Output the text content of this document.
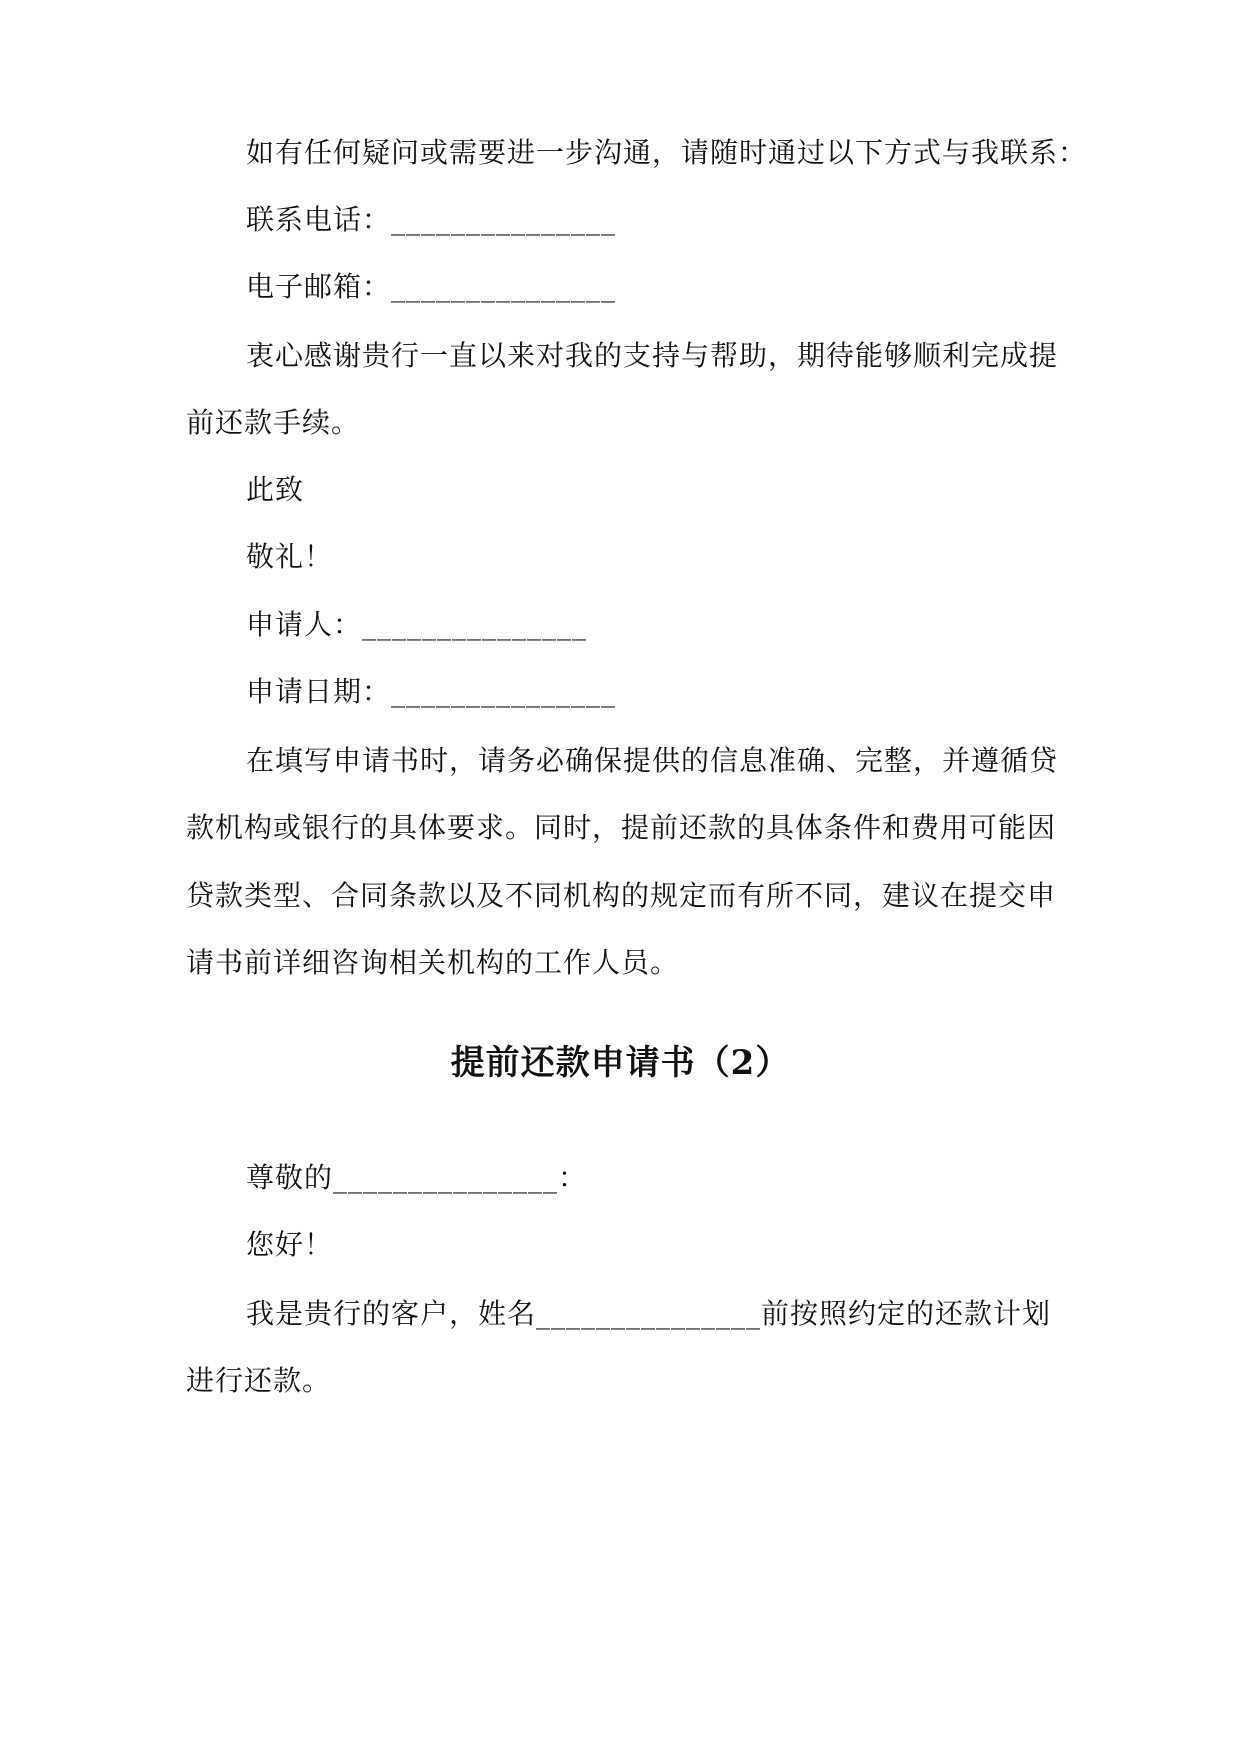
如有任何疑问或需要进一步沟通，请随时通过以下方式与我联系：
联系电话：_______________
电子邮箱：_______________
衷心感谢贵行一直以来对我的支持与帮助，期待能够顺利完成提
前还款手续。
此致
敬礼！
申请人：_______________
申请日期：_______________
在填写申请书时，请务必确保提供的信息准确、完整，并遵循贷
款机构或银行的具体要求。同时，提前还款的具体条件和费用可能因
贷款类型、合同条款以及不同机构的规定而有所不同，建议在提交申
请书前详细咨询相关机构的工作人员。
提前还款申请书（2）
尊敬的_______________：
您好！
我是贵行的客户，姓名_______________前按照约定的还款计划
进行还款。
